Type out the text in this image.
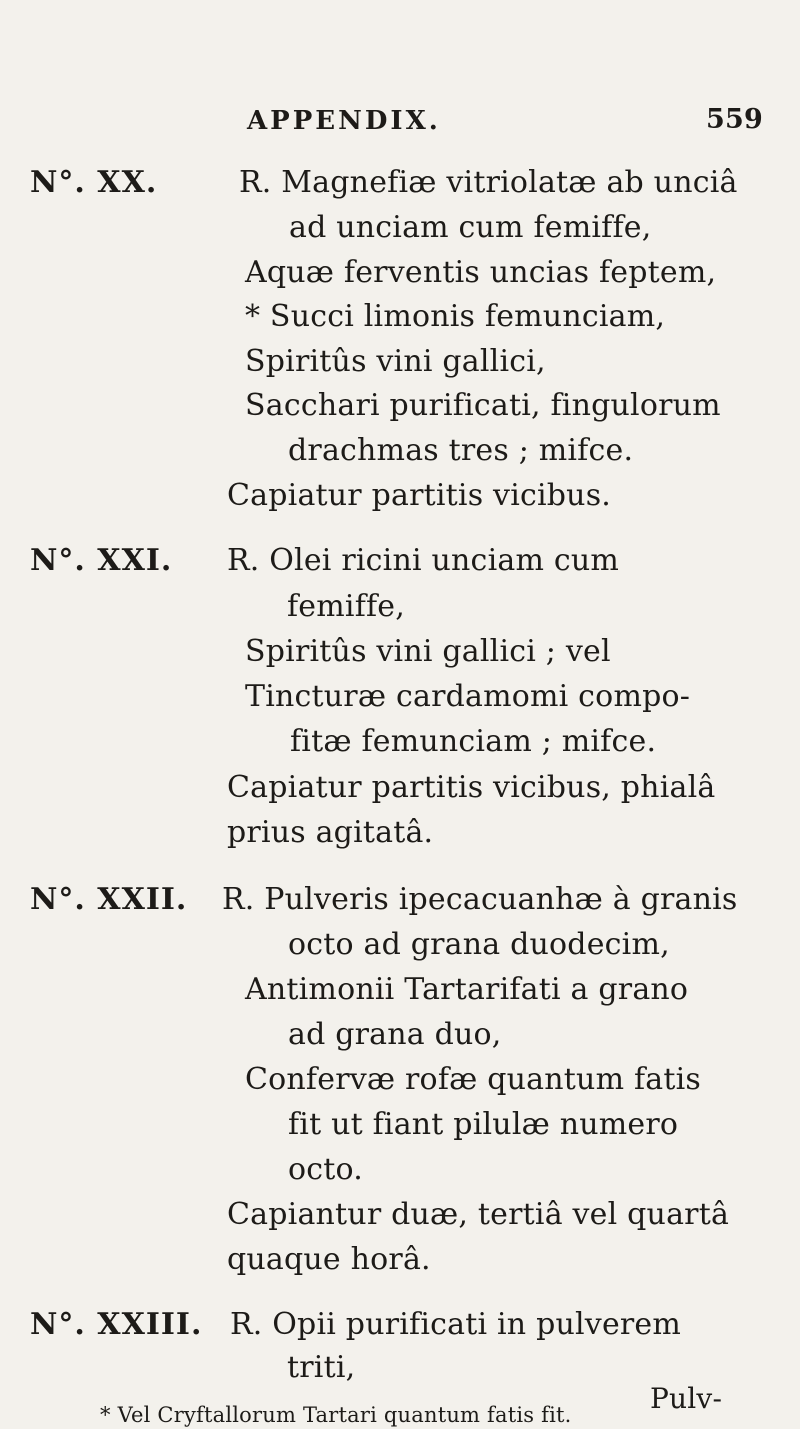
APPENDIX.	559
N°. XX.	R. Magnefiæ vitriolatæ ab unciâ
ad unciam cum femiffe,
Aquæ ferventis uncias feptem,
* Succi limonis femunciam,
Spiritûs vini gallici,
Sacchari purificati, fingulorum
drachmas tres ; mifce.
Capiatur partitis vicibus.
N°. XXI. R. Olei ricini unciam cum
femiffe,
Spiritûs vini gallici ; vel
Tincturæ cardamomi compo-
fitæ femunciam ; mifce.
Capiatur partitis vicibus, phialâ
prius agitatâ.
N°. XXII. R. Pulveris ipecacuanhæ à granis
octo ad grana duodecim,
Antimonii Tartarifati a grano
ad grana duo,
Confervæ rofæ quantum fatis
fit ut fiant pilulæ numero
octo.
Capiantur duæ, tertiâ vel quartâ
quaque horâ.
N°. XXIII. R. Opii purificati in pulverem
triti,
Pulv-
* Vel Cryftallorum Tartari quantum fatis fit.
